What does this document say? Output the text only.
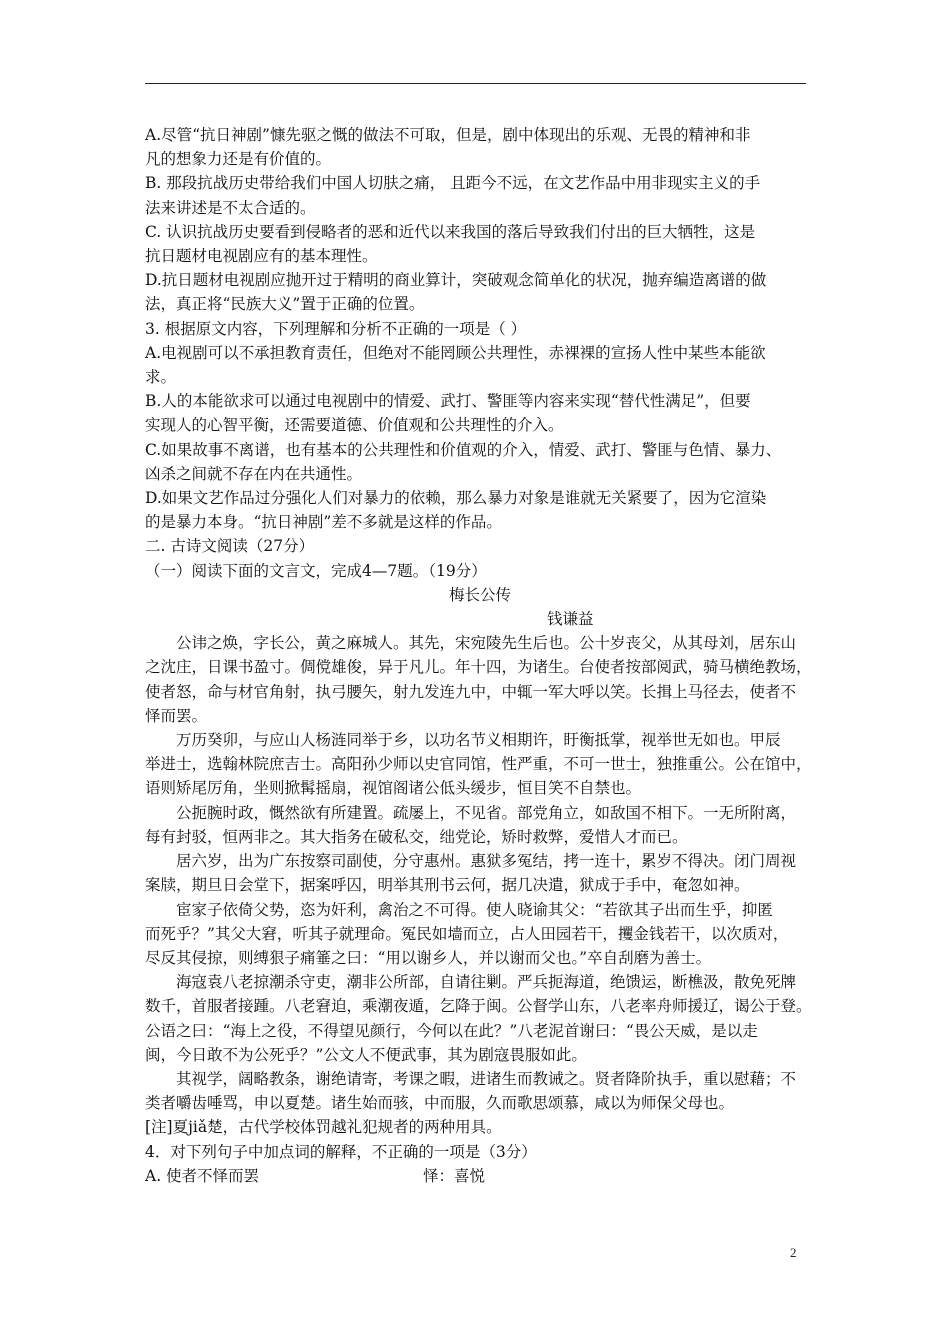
A.尽管“抗日神剧”慷先驱之慨的做法不可取，但是，剧中体现出的乐观、无畏的精神和非

凡的想象力还是有价值的。

B. 那段抗战历史带给我们中国人切肤之痛， 且距今不远，在文艺作品中用非现实主义的手

法来讲述是不太合适的。

C. 认识抗战历史要看到侵略者的恶和近代以来我国的落后导致我们付出的巨大牺牲，这是

抗日题材电视剧应有的基本理性。

D.抗日题材电视剧应抛开过于精明的商业算计，突破观念简单化的状况，抛弃编造离谱的做

法，真正将“民族大义”置于正确的位置。

3. 根据原文内容，下列理解和分析不正确的一项是（ ）

A.电视剧可以不承担教育责任，但绝对不能罔顾公共理性，赤裸裸的宣扬人性中某些本能欲

求。

B.人的本能欲求可以通过电视剧中的情爱、武打、警匪等内容来实现“替代性满足”，但要

实现人的心智平衡，还需要道德、价值观和公共理性的介入。

C.如果故事不离谱，也有基本的公共理性和价值观的介入，情爱、武打、警匪与色情、暴力、

凶杀之间就不存在内在共通性。

D.如果文艺作品过分强化人们对暴力的依赖，那么暴力对象是谁就无关紧要了，因为它渲染

的是暴力本身。“抗日神剧”差不多就是这样的作品。

二. 古诗文阅读（27分）

（一）阅读下面的文言文，完成4—7题。（19分）

梅长公传

钱谦益

公讳之焕，字长公，黄之麻城人。其先，宋宛陵先生后也。公十岁丧父，从其母刘，居东山

之沈庄，日课书盈寸。倜傥雄俊，异于凡儿。年十四，为诸生。台使者按部阅武，骑马横绝教场，

使者怒，命与材官角射，执弓腰矢，射九发连九中，中辄一军大呼以笑。长揖上马径去，使者不

怿而罢。

万历癸卯，与应山人杨涟同举于乡，以功名节义相期许，盱衡抵掌，视举世无如也。甲辰

举进士，选翰林院庶吉士。高阳孙少师以史官同馆，性严重，不可一世士，独推重公。公在馆中，

语则矫尾厉角，坐则掀髯摇扇，视馆阁诸公低头缓步，恒目笑不自禁也。

公扼腕时政，慨然欲有所建置。疏屡上，不见省。部党角立，如敌国不相下。一无所附离，

每有封驳，恒两非之。其大指务在破私交，绌党论，矫时救弊，爱惜人才而已。

居六岁，出为广东按察司副使，分守惠州。惠狱多冤结，拷一连十，累岁不得决。闭门周视

案牍，期旦日会堂下，据案呼囚，明举其刑书云何，据几决遣，狱成于手中，奄忽如神。

宦家子依倚父势，恣为奸利，禽治之不可得。使人晓谕其父：“若欲其子出而生乎，抑匿

而死乎？”其父大窘，听其子就理命。冤民如墙而立，占人田园若干，攫金钱若干，以次质对，

尽反其侵掠，则缚狠子痛箠之曰：“用以谢乡人，并以谢而父也。”卒自刮磨为善士。

海寇袁八老掠潮杀守吏，潮非公所部，自请往剿。严兵扼海道，绝馈运，断樵汲，散免死牌

数千，首服者接踵。八老窘迫，乘潮夜遁，乞降于闽。公督学山东，八老率舟师援辽，谒公于登。

公语之曰：“海上之役，不得望见颜行，今何以在此？”八老泥首谢曰：“畏公天威，是以走

闽，今日敢不为公死乎？”公文人不便武事，其为剧寇畏服如此。

其视学，阔略教条，谢绝请寄，考课之暇，进诸生而教诫之。贤者降阶执手，重以慰藉；不

类者嚼齿唾骂，申以夏楚。诸生始而骇，中而服，久而歌思颂慕，咸以为师保父母也。

[注]夏jiǎ楚，古代学校体罚越礼犯规者的两种用具。

4．对下列句子中加点词的解释，不正确的一项是（3分）

A. 使者不怿而罢	怿：喜悦

2
